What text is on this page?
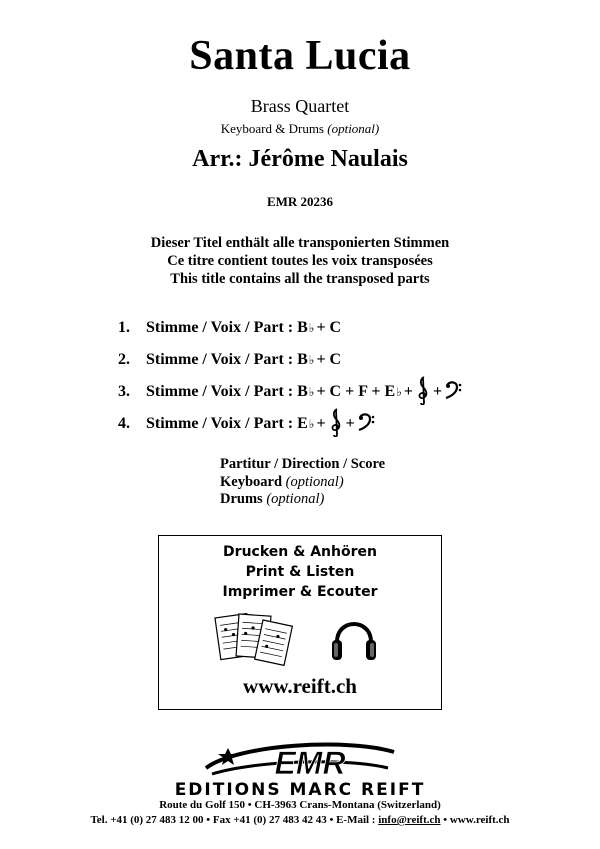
Santa Lucia
Brass Quartet
Keyboard & Drums (optional)
Arr.: Jérôme Naulais
EMR 20236
Dieser Titel enthält alle transponierten Stimmen
Ce titre contient toutes les voix transposées
This title contains all the transposed parts
1.	Stimme / Voix / Part : B ♭ + C
2.	Stimme / Voix / Part : B ♭ + C
3.	Stimme / Voix / Part :
B ♭ + C + F + E ♭ + +
4.	Stimme / Voix / Part :
E ♭ + +
Partitur / Direction / Score
Keyboard (optional)
Drums (optional)
Drucken & Anhören
Print & Listen
Imprimer & Ecouter
www.reift.ch
EMR
EDITIONS MARC REIFT
Route du Golf 150 • CH-3963 Crans-Montana (Switzerland)
Tel. +41 (0) 27 483 12 00 • Fax +41 (0) 27 483 42 43 • E-Mail : info@reift.ch • www.reift.ch
